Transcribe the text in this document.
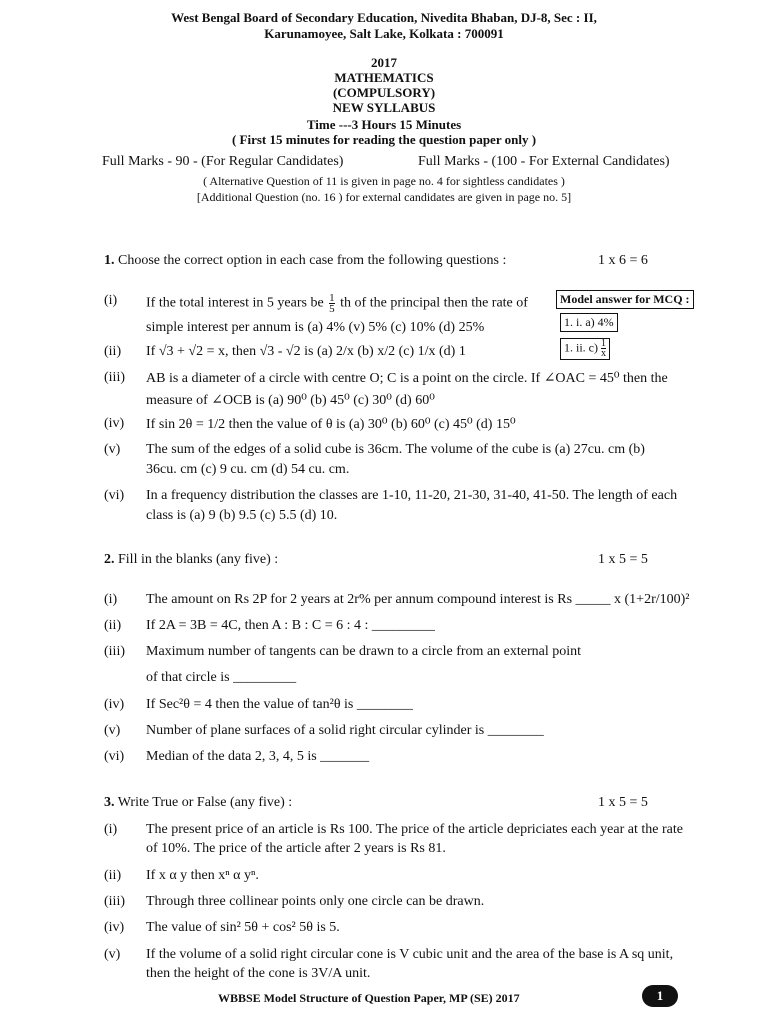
West Bengal Board of Secondary Education, Nivedita Bhaban, DJ-8, Sec : II,
Karunamoyee, Salt Lake, Kolkata : 700091
2017
MATHEMATICS
(COMPULSORY)
NEW SYLLABUS
Time ---3 Hours 15 Minutes
( First 15 minutes for reading the question paper only )
Full Marks - 90 - (For Regular Candidates)	Full Marks - (100 - For External Candidates)
( Alternative Question of 11 is given in page no. 4 for sightless candidates )
[Additional Question (no. 16 ) for external candidates are given in page no. 5]
1. Choose the correct option in each case from the following questions :	1 x 6 = 6
Model answer for MCQ :
1. i. a) 4%
1. ii. $c) \frac{1}{x}$
(i) If the total interest in 5 years be $\frac{1}{5}$ th of the principal then the rate of
simple interest per annum is (a) 4% (v) 5% (c) 10% (d) 25%
(ii) If √3 + √2 = x, then √3 - √2 is (a) 2/x (b) x/2 (c) 1/x (d) 1
(iii) AB is a diameter of a circle with centre O; C is a point on the circle. If ∠OAC = 45⁰ then the
measure of ∠OCB is (a) 90⁰ (b) 45⁰ (c) 30⁰ (d) 60⁰
(iv) If sin 2θ = 1/2 then the value of θ is (a) 30⁰ (b) 60⁰ (c) 45⁰ (d) 15⁰
(v) The sum of the edges of a solid cube is 36cm. The volume of the cube is (a) 27cu. cm (b)
36cu. cm (c) 9 cu. cm (d) 54 cu. cm.
(vi) In a frequency distribution the classes are 1-10, 11-20, 21-30, 31-40, 41-50. The length of each
class is (a) 9 (b) 9.5 (c) 5.5 (d) 10.
2. Fill in the blanks (any five) :	1 x 5 = 5
(i) The amount on Rs 2P for 2 years at 2r% per annum compound interest is Rs _____ x (1+2r/100)²
(ii) If 2A = 3B = 4C, then A : B : C = 6 : 4 : _________
(iii) Maximum number of tangents can be drawn to a circle from an external point
of that circle is _________
(iv) If Sec²θ = 4 then the value of tan²θ is ________
(v) Number of plane surfaces of a solid right circular cylinder is ________
(vi) Median of the data 2, 3, 4, 5 is _______
3. Write True or False (any five) :	1 x 5 = 5
(i) The present price of an article is Rs 100. The price of the article depriciates each year at the rate
of 10%. The price of the article after 2 years is Rs 81.
(ii) If x α y then xⁿ α yⁿ.
(iii) Through three collinear points only one circle can be drawn.
(iv) The value of sin² 5θ + cos² 5θ is 5.
(v) If the volume of a solid right circular cone is V cubic unit and the area of the base is A sq unit,
then the height of the cone is 3V/A unit.
WBBSE Model Structure of Question Paper, MP (SE) 2017	1
